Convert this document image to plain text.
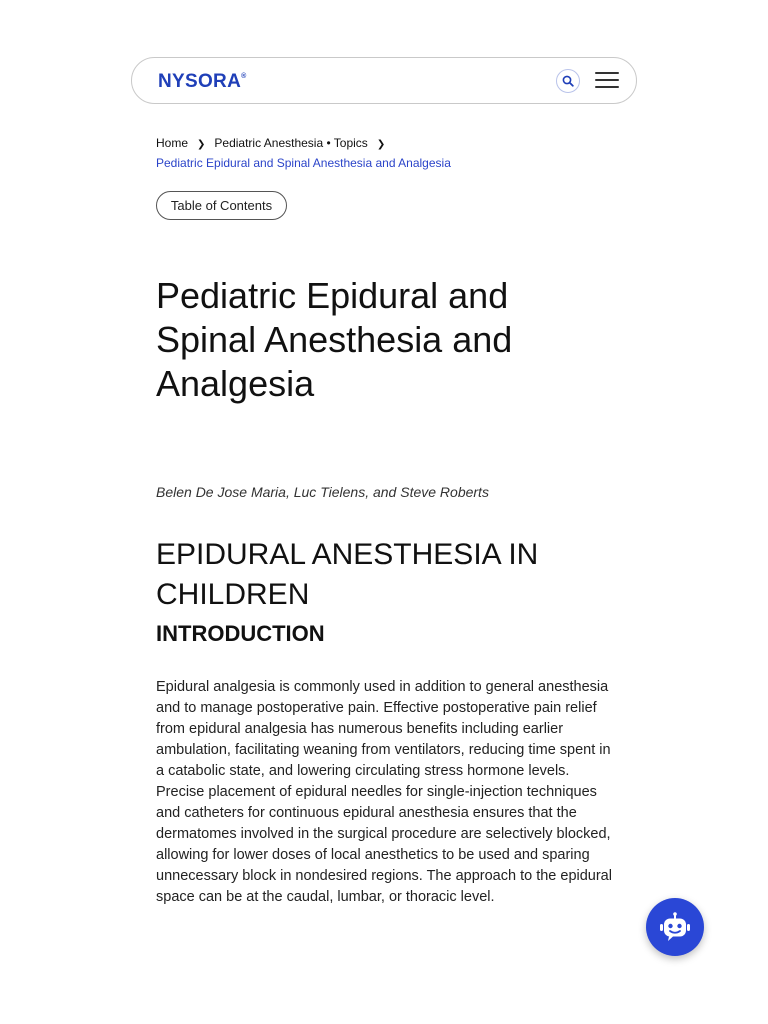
NYSORA®
Home ❯ Pediatric Anesthesia • Topics ❯
Pediatric Epidural and Spinal Anesthesia and Analgesia
Table of Contents
Pediatric Epidural and Spinal Anesthesia and Analgesia
Belen De Jose Maria, Luc Tielens, and Steve Roberts
EPIDURAL ANESTHESIA IN CHILDREN
INTRODUCTION

Epidural analgesia is commonly used in addition to general anesthesia and to manage postoperative pain. Effective postoperative pain relief from epidural analgesia has numerous benefits including earlier ambulation, facilitating weaning from ventilators, reducing time spent in a catabolic state, and lowering circulating stress hormone levels. Precise placement of epidural needles for single-injection techniques and catheters for continuous epidural anesthesia ensures that the dermatomes involved in the surgical procedure are selectively blocked, allowing for lower doses of local anesthetics to be used and sparing unnecessary block in nondesired regions. The approach to the epidural space can be at the caudal, lumbar, or thoracic level.
